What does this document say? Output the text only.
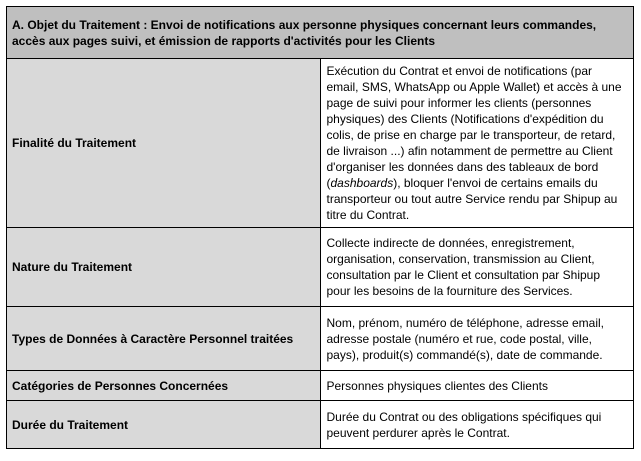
A. Objet du Traitement : Envoi de notifications aux personne physiques concernant leurs commandes, accès aux pages suivi, et émission de rapports d'activités pour les Clients	
Finalité du Traitement	Exécution du Contrat et envoi de notifications (par email, SMS, WhatsApp ou Apple Wallet) et accès à une page de suivi pour informer les clients (personnes physiques) des Clients (Notifications d'expédition du colis, de prise en charge par le transporteur, de retard, de livraison ...) afin notamment de permettre au Client d'organiser les données dans des tableaux de bord (dashboards), bloquer l'envoi de certains emails du transporteur ou tout autre Service rendu par Shipup au titre du Contrat.
Nature du Traitement	Collecte indirecte de données, enregistrement, organisation, conservation, transmission au Client, consultation par le Client et consultation par Shipup pour les besoins de la fourniture des Services.
Types de Données à Caractère Personnel traitées	Nom, prénom, numéro de téléphone, adresse email, adresse postale (numéro et rue, code postal, ville, pays), produit(s) commandé(s), date de commande.
Catégories de Personnes Concernées	Personnes physiques clientes des Clients
Durée du Traitement	Durée du Contrat ou des obligations spécifiques qui peuvent perdurer après le Contrat.
